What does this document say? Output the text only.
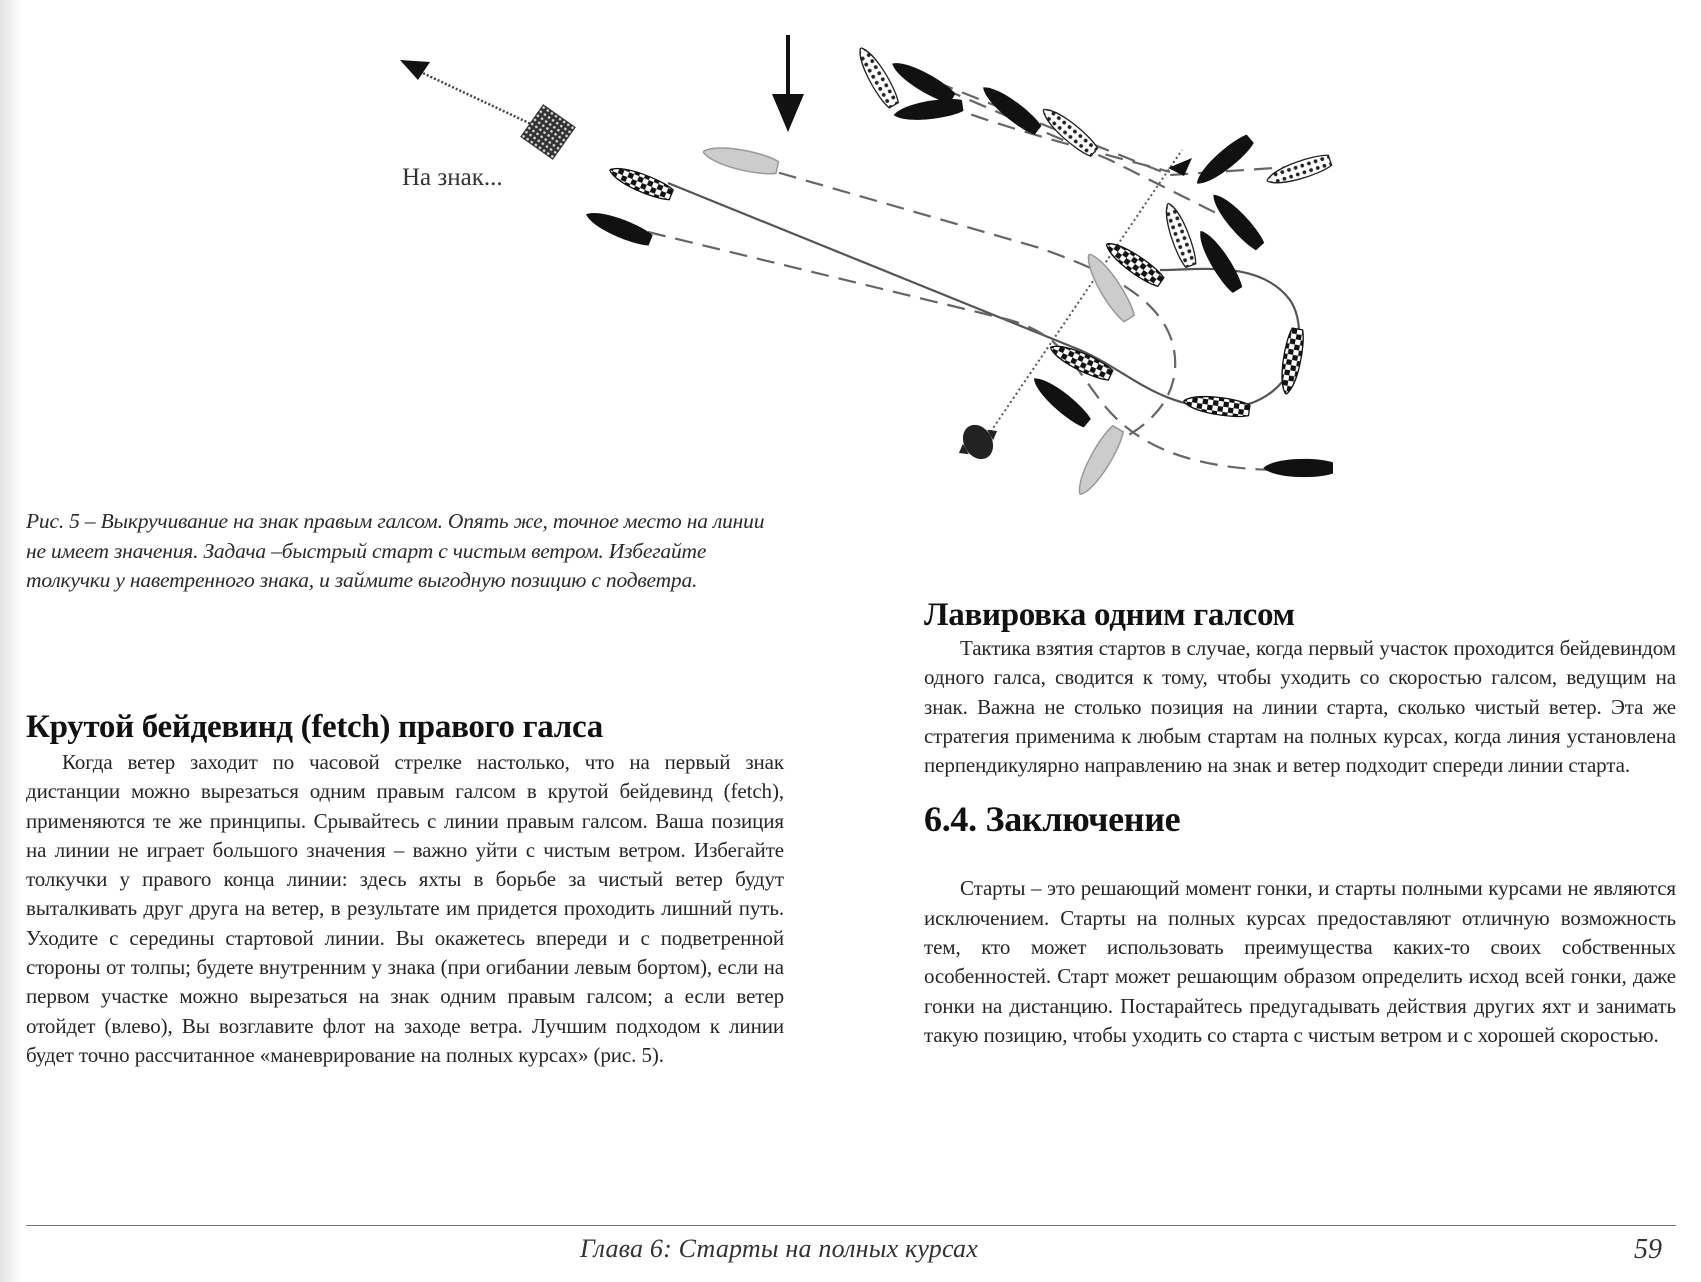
На знак...
Рис. 5 – Выкручивание на знак правым галсом. Опять же, точное место на линии не имеет значения. Задача –быстрый старт с чистым ветром. Избегайте толкучки у наветренного знака, и займите выгодную позицию с подветра.
Крутой бейдевинд (fetch) правого галса

Когда ветер заходит по часовой стрелке настолько, что на первый знак дистанции можно вырезаться одним правым галсом в крутой бейдевинд (fetch), применяются те же принципы. Срывайтесь с линии правым галсом. Ваша позиция на линии не играет большого значения – важно уйти с чистым ветром. Избегайте толкучки у правого конца линии: здесь яхты в борьбе за чистый ветер будут выталкивать друг друга на ветер, в результате им придется проходить лишний путь. Уходите с середины стартовой линии. Вы окажетесь впереди и с подветренной стороны от толпы; будете внутренним у знака (при огибании левым бортом), если на первом участке можно вырезаться на знак одним правым галсом; а если ветер отойдет (влево), Вы возглавите флот на заходе ветра. Лучшим подходом к линии будет точно рассчитанное «маневрирование на полных курсах» (рис. 5).

Лавировка одним галсом

Тактика взятия стартов в случае, когда первый участок проходится бейдевиндом одного галса, сводится к тому, чтобы уходить со скоростью галсом, ведущим на знак. Важна не столько позиция на линии старта, сколько чистый ветер. Эта же стратегия применима к любым стартам на полных курсах, когда линия установлена перпендикулярно направлению на знак и ветер подходит спереди линии старта.

6.4. Заключение

Старты – это решающий момент гонки, и старты полными курсами не являются исключением. Старты на полных курсах предоставляют отличную возможность тем, кто может использовать преимущества каких-то своих собственных особенностей. Старт может решающим образом определить исход всей гонки, даже гонки на дистанцию. Постарайтесь предугадывать действия других яхт и занимать такую позицию, чтобы уходить со старта с чистым ветром и с хорошей скоростью.

Глава 6: Старты на полных курсах	59
